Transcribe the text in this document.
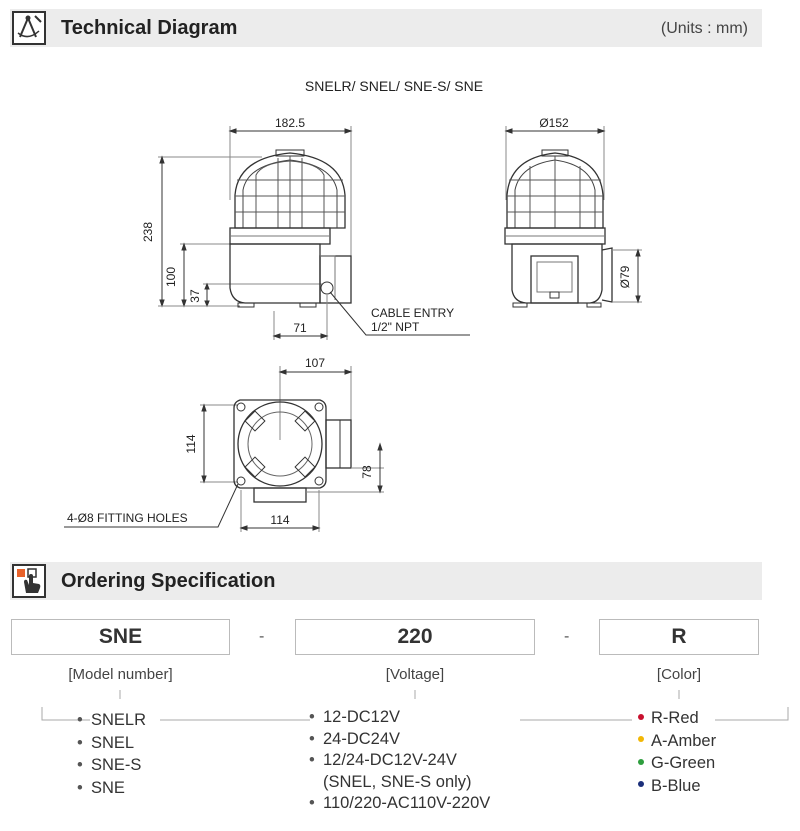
Technical Diagram	(Units : mm)
SNELR/ SNEL/ SNE-S/ SNE
182.5
238
100
37
71
CABLE ENTRY
1/2" NPT
Ø152
Ø79
107
114
78
114
4-Ø8 FITTING HOLES
Ordering Specification
SNE	-	220	-	R
[Model number]	[Voltage]	[Color]
• SNELR
• SNEL
• SNE-S
• SNE
• 12-DC12V
• 24-DC24V
• 12/24-DC12V-24V
(SNEL, SNE-S only)
• 110/220-AC110V-220V
R-Red
A-Amber
G-Green
B-Blue
